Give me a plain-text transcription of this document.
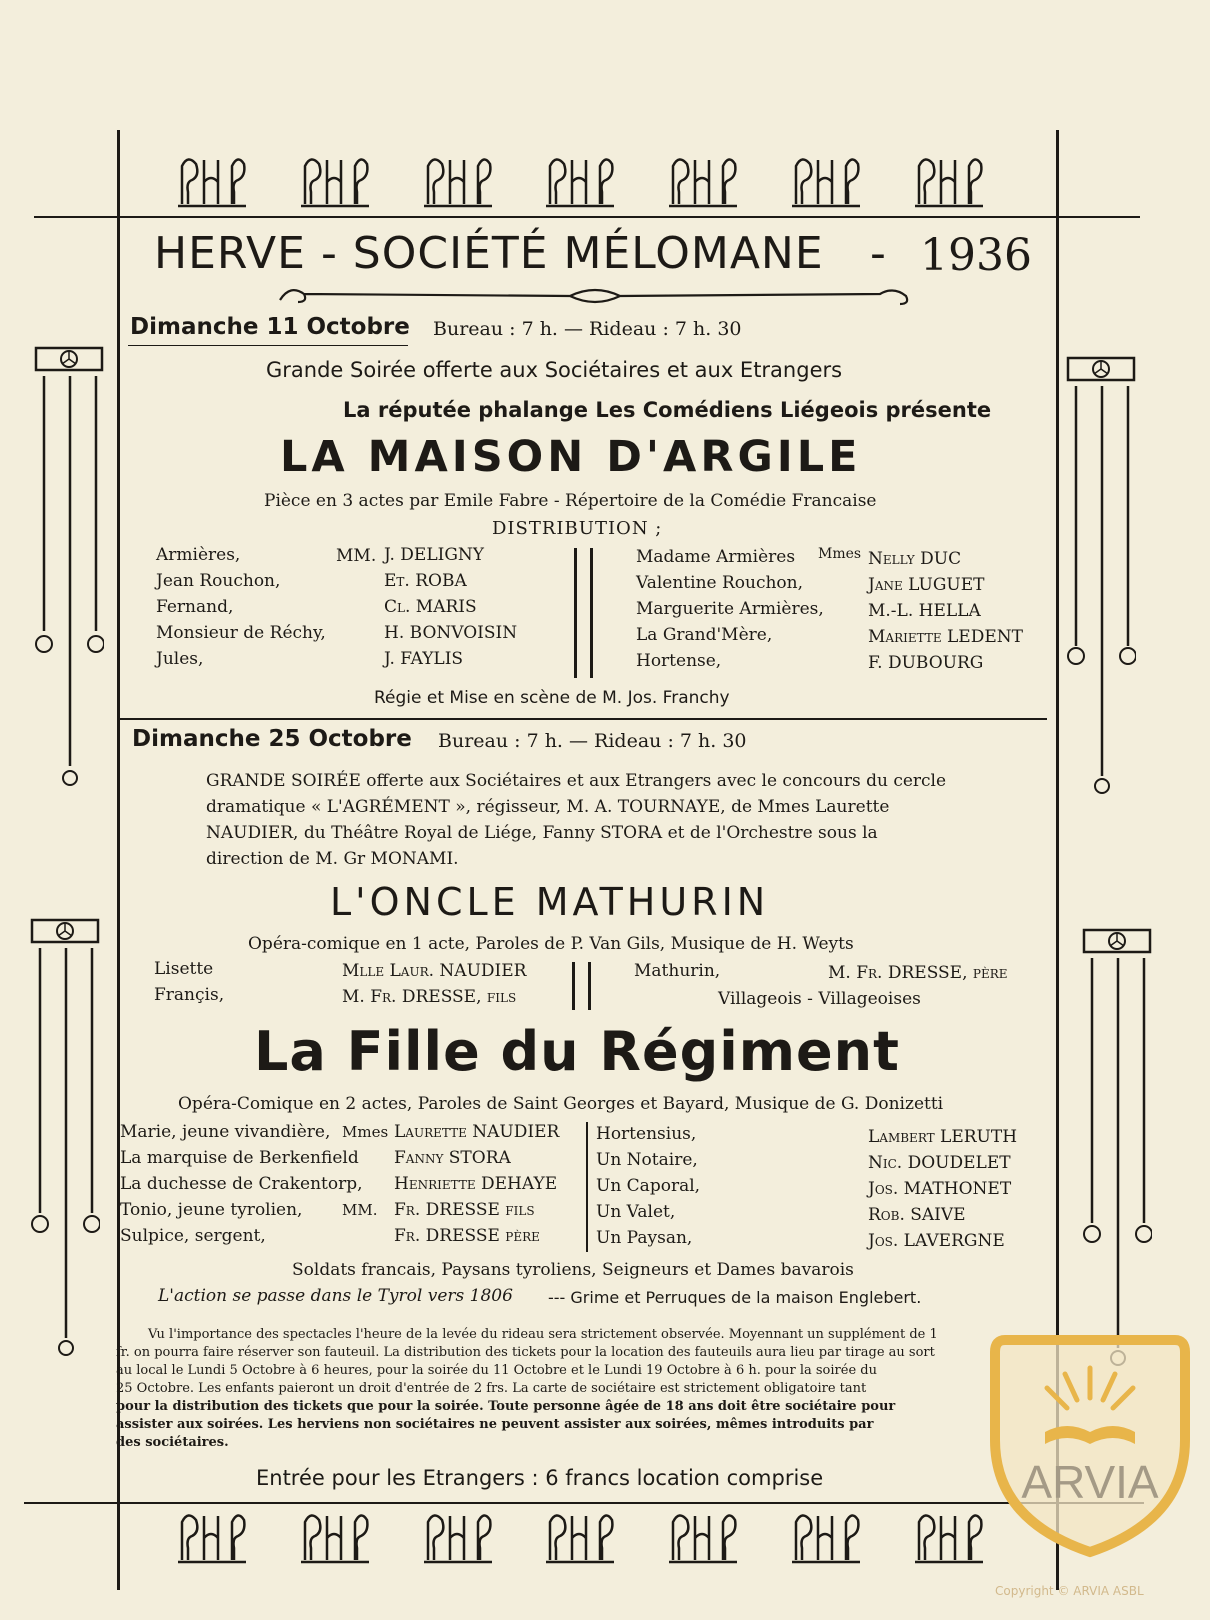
HERVE - SOCIÉTÉ MÉLOMANE - 1936
Dimanche 11 Octobre Bureau : 7 h. — Rideau : 7 h. 30
Grande Soirée offerte aux Sociétaires et aux Etrangers
La réputée phalange Les Comédiens Liégeois présente
LA MAISON D'ARGILE
Pièce en 3 actes par Emile Fabre - Répertoire de la Comédie Francaise
DISTRIBUTION ;
Armières,
Jean Rouchon,
Fernand,
Monsieur de Réchy,
Jules,
MM. J. DELIGNY
Et. ROBA
Cl. MARIS
H. BONVOISIN
J. FAYLIS
Madame Armières
Valentine Rouchon,
Marguerite Armières,
La Grand'Mère,
Hortense,
Mmes Nelly DUC
Jane LUGUET
M.-L. HELLA
Mariette LEDENT
F. DUBOURG
Régie et Mise en scène de M. Jos. Franchy
Dimanche 25 Octobre Bureau : 7 h. — Rideau : 7 h. 30
GRANDE SOIRÉE offerte aux Sociétaires et aux Etrangers avec le concours du cercle
dramatique « L'AGRÉMENT », régisseur, M. A. TOURNAYE, de Mmes Laurette
NAUDIER, du Théâtre Royal de Liége, Fanny STORA et de l'Orchestre sous la
direction de M. Gr MONAMI.
L'ONCLE MATHURIN
Opéra-comique en 1 acte, Paroles de P. Van Gils, Musique de H. Weyts
Lisette
Françis,
Mlle Laur. NAUDIER
M. Fr. DRESSE, fils
Mathurin,	M. Fr. DRESSE, père
Villageois - Villageoises
La Fille du Régiment
Opéra-Comique en 2 actes, Paroles de Saint Georges et Bayard, Musique de G. Donizetti
Marie, jeune vivandière,
La marquise de Berkenfield
La duchesse de Crakentorp,
Tonio, jeune tyrolien,
Sulpice, sergent,
Mmes
MM.
Laurette NAUDIER
Fanny STORA
Henriette DEHAYE
Fr. DRESSE fils
Fr. DRESSE père
Hortensius,
Un Notaire,
Un Caporal,
Un Valet,
Un Paysan,
Lambert LERUTH
Nic. DOUDELET
Jos. MATHONET
Rob. SAIVE
Jos. LAVERGNE
Soldats francais, Paysans tyroliens, Seigneurs et Dames bavarois
L'action se passe dans le Tyrol vers 1806 --- Grime et Perruques de la maison Englebert.
Vu l'importance des spectacles l'heure de la levée du rideau sera strictement observée. Moyennant un supplément de 1
fr. on pourra faire réserver son fauteuil. La distribution des tickets pour la location des fauteuils aura lieu par tirage au sort
au local le Lundi 5 Octobre à 6 heures, pour la soirée du 11 Octobre et le Lundi 19 Octobre à 6 h. pour la soirée du
25 Octobre. Les enfants paieront un droit d'entrée de 2 frs. La carte de sociétaire est strictement obligatoire tant
pour la distribution des tickets que pour la soirée. Toute personne âgée de 18 ans doit être sociétaire pour
assister aux soirées. Les herviens non sociétaires ne peuvent assister aux soirées, mêmes introduits par
des sociétaires.
Entrée pour les Etrangers : 6 francs location comprise	ARVIA
Copyright © ARVIA ASBL
